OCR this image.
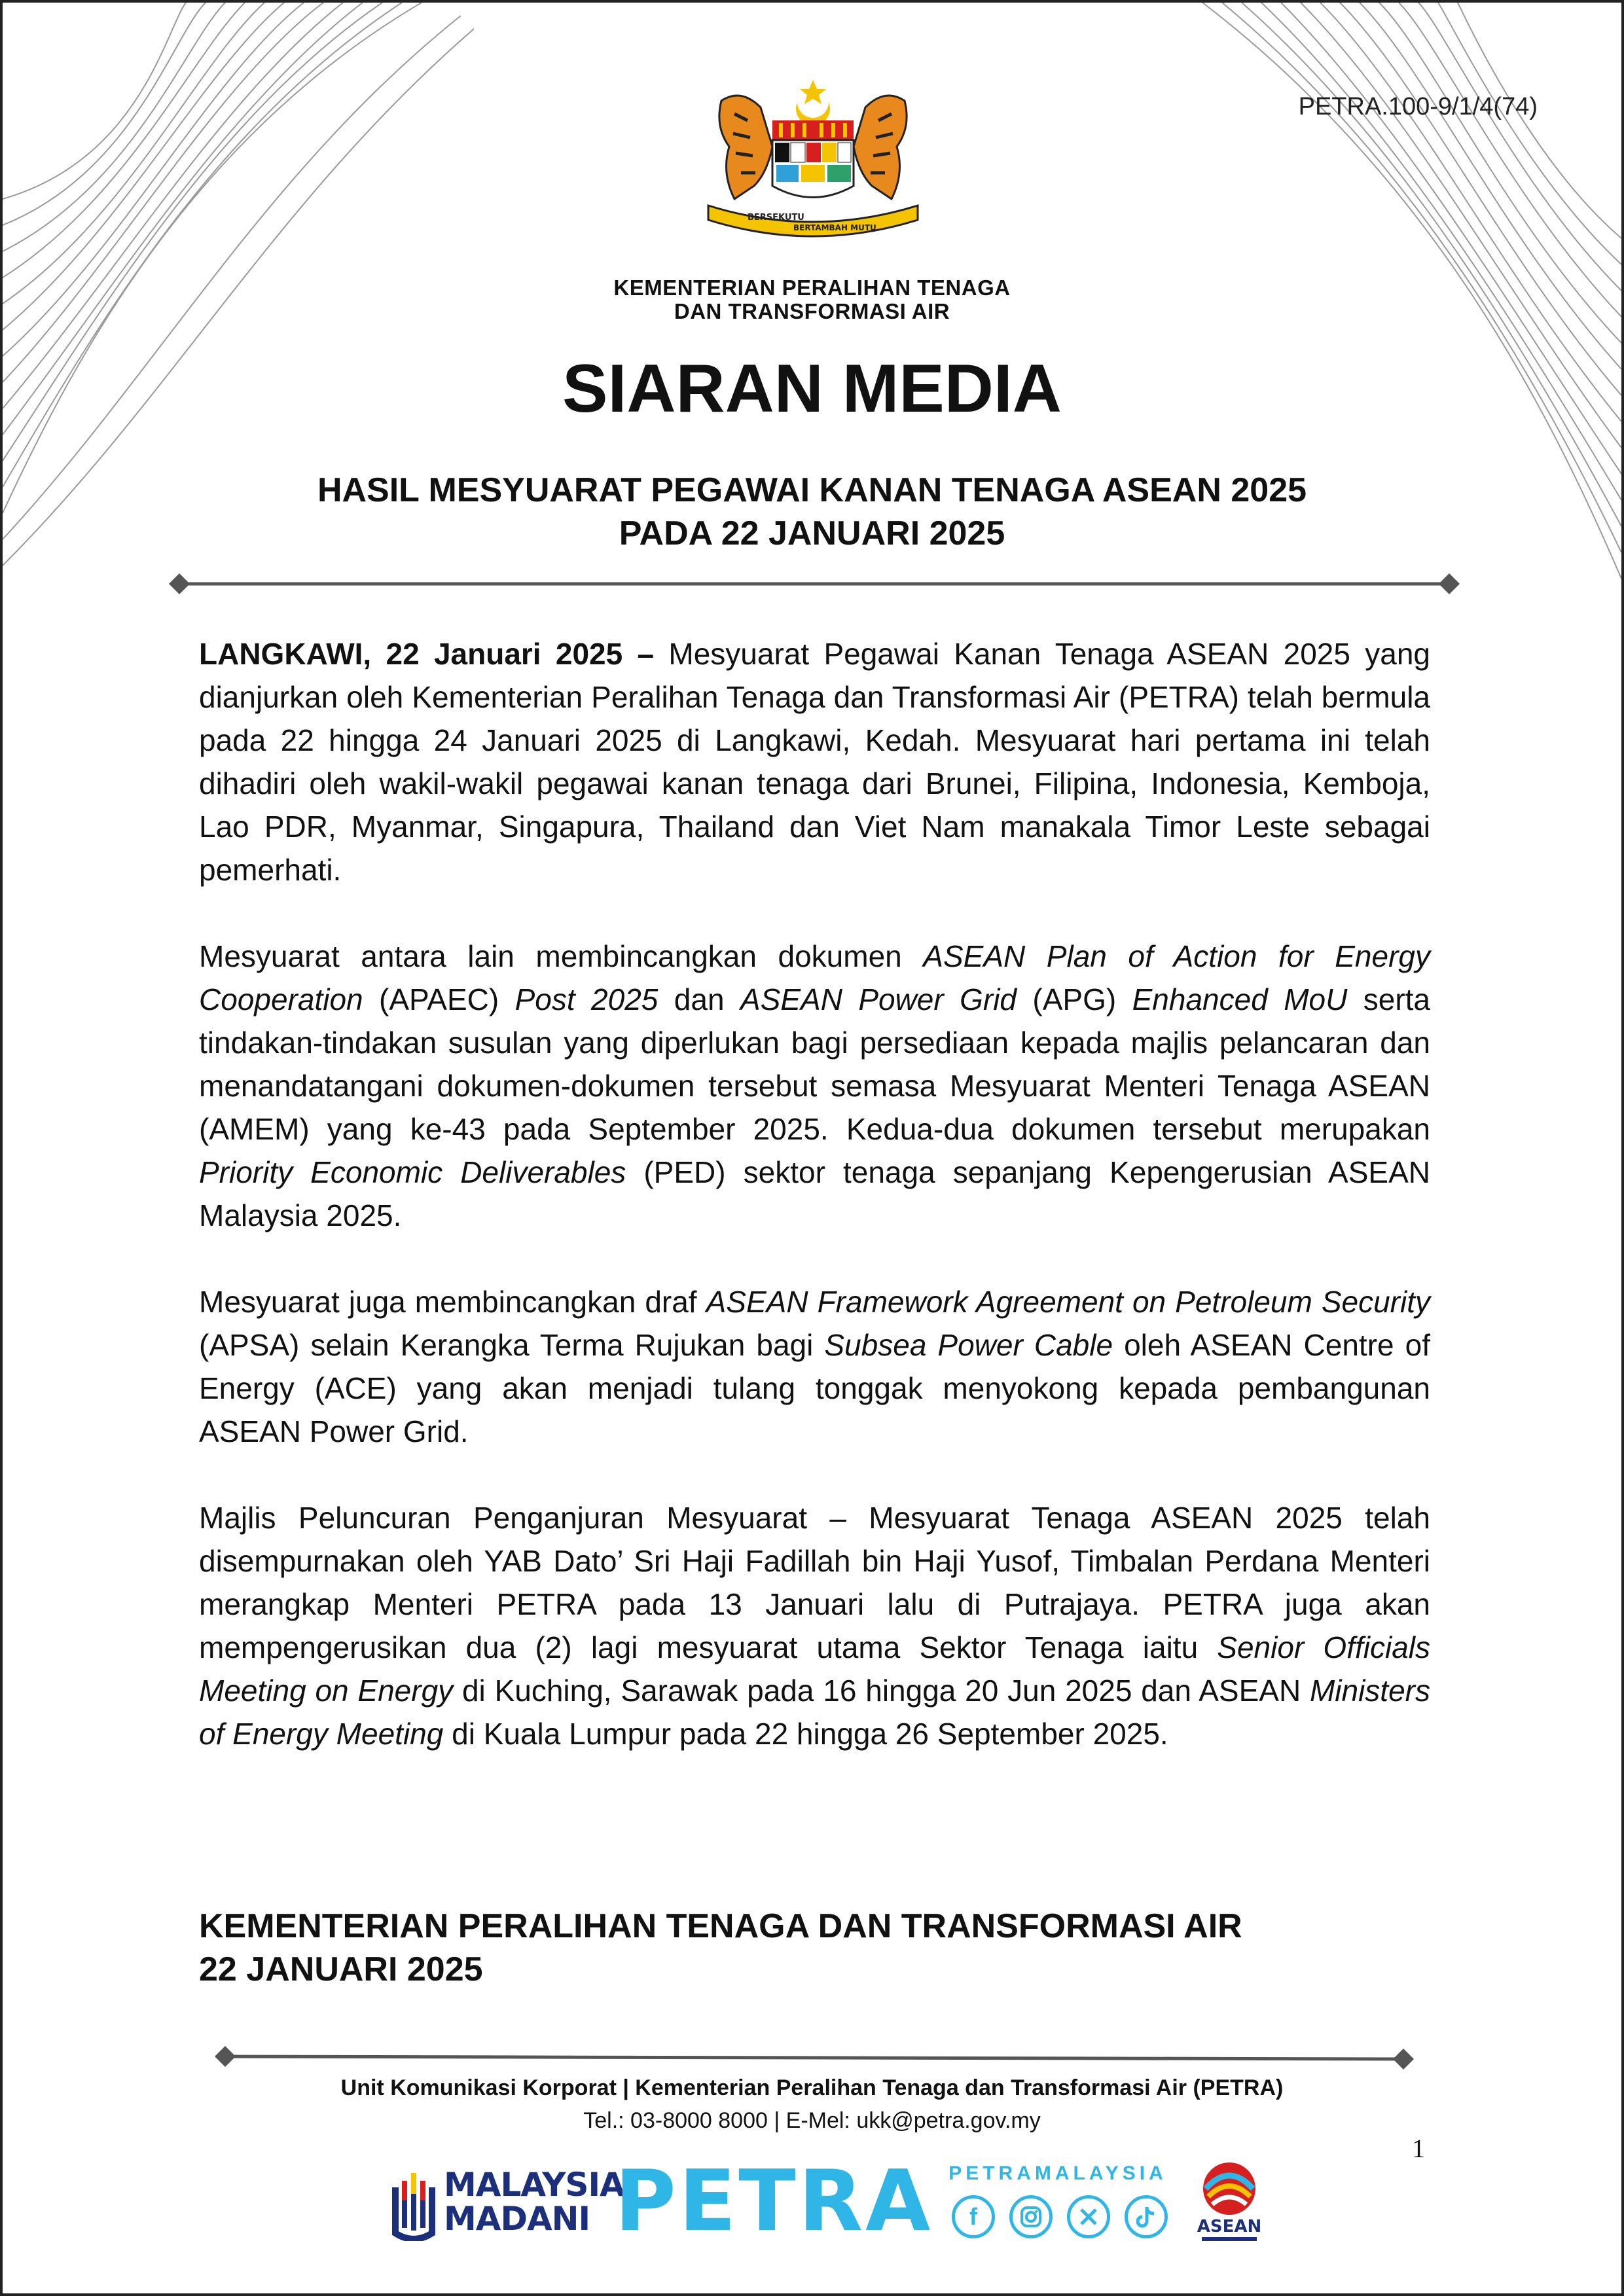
PETRA.100-9/1/4(74)
BERSEKUTU
BERTAMBAH MUTU
KEMENTERIAN PERALIHAN TENAGA
DAN TRANSFORMASI AIR
SIARAN MEDIA
HASIL MESYUARAT PEGAWAI KANAN TENAGA ASEAN 2025
PADA 22 JANUARI 2025

LANGKAWI, 22 Januari 2025 – Mesyuarat Pegawai Kanan Tenaga ASEAN 2025 yang dianjurkan oleh Kementerian Peralihan Tenaga dan Transformasi Air (PETRA) telah bermula pada 22 hingga 24 Januari 2025 di Langkawi, Kedah. Mesyuarat hari pertama ini telah dihadiri oleh wakil-wakil pegawai kanan tenaga dari Brunei, Filipina, Indonesia, Kemboja, Lao PDR, Myanmar, Singapura, Thailand dan Viet Nam manakala Timor Leste sebagai pemerhati.

Mesyuarat antara lain membincangkan dokumen ASEAN Plan of Action for Energy Cooperation (APAEC) Post 2025 dan ASEAN Power Grid (APG) Enhanced MoU serta tindakan-tindakan susulan yang diperlukan bagi persediaan kepada majlis pelancaran dan menandatangani dokumen-dokumen tersebut semasa Mesyuarat Menteri Tenaga ASEAN (AMEM) yang ke-43 pada September 2025. Kedua-dua dokumen tersebut merupakan Priority Economic Deliverables (PED) sektor tenaga sepanjang Kepengerusian ASEAN Malaysia 2025.

Mesyuarat juga membincangkan draf ASEAN Framework Agreement on Petroleum Security (APSA) selain Kerangka Terma Rujukan bagi Subsea Power Cable oleh ASEAN Centre of Energy (ACE) yang akan menjadi tulang tonggak menyokong kepada pembangunan ASEAN Power Grid.

Majlis Peluncuran Penganjuran Mesyuarat – Mesyuarat Tenaga ASEAN 2025 telah disempurnakan oleh YAB Dato’ Sri Haji Fadillah bin Haji Yusof, Timbalan Perdana Menteri merangkap Menteri PETRA pada 13 Januari lalu di Putrajaya. PETRA juga akan mempengerusikan dua (2) lagi mesyuarat utama Sektor Tenaga iaitu Senior Officials Meeting on Energy di Kuching, Sarawak pada 16 hingga 20 Jun 2025 dan ASEAN Ministers of Energy Meeting di Kuala Lumpur pada 22 hingga 26 September 2025.

KEMENTERIAN PERALIHAN TENAGA DAN TRANSFORMASI AIR
22 JANUARI 2025
Unit Komunikasi Korporat | Kementerian Peralihan Tenaga dan Transformasi Air (PETRA)
Tel.: 03-8000 8000 | E-Mel: ukk@petra.gov.my
1
MALAYSIA
MADANI PETRA PETRAMALAYSIA
f	ASEAN
